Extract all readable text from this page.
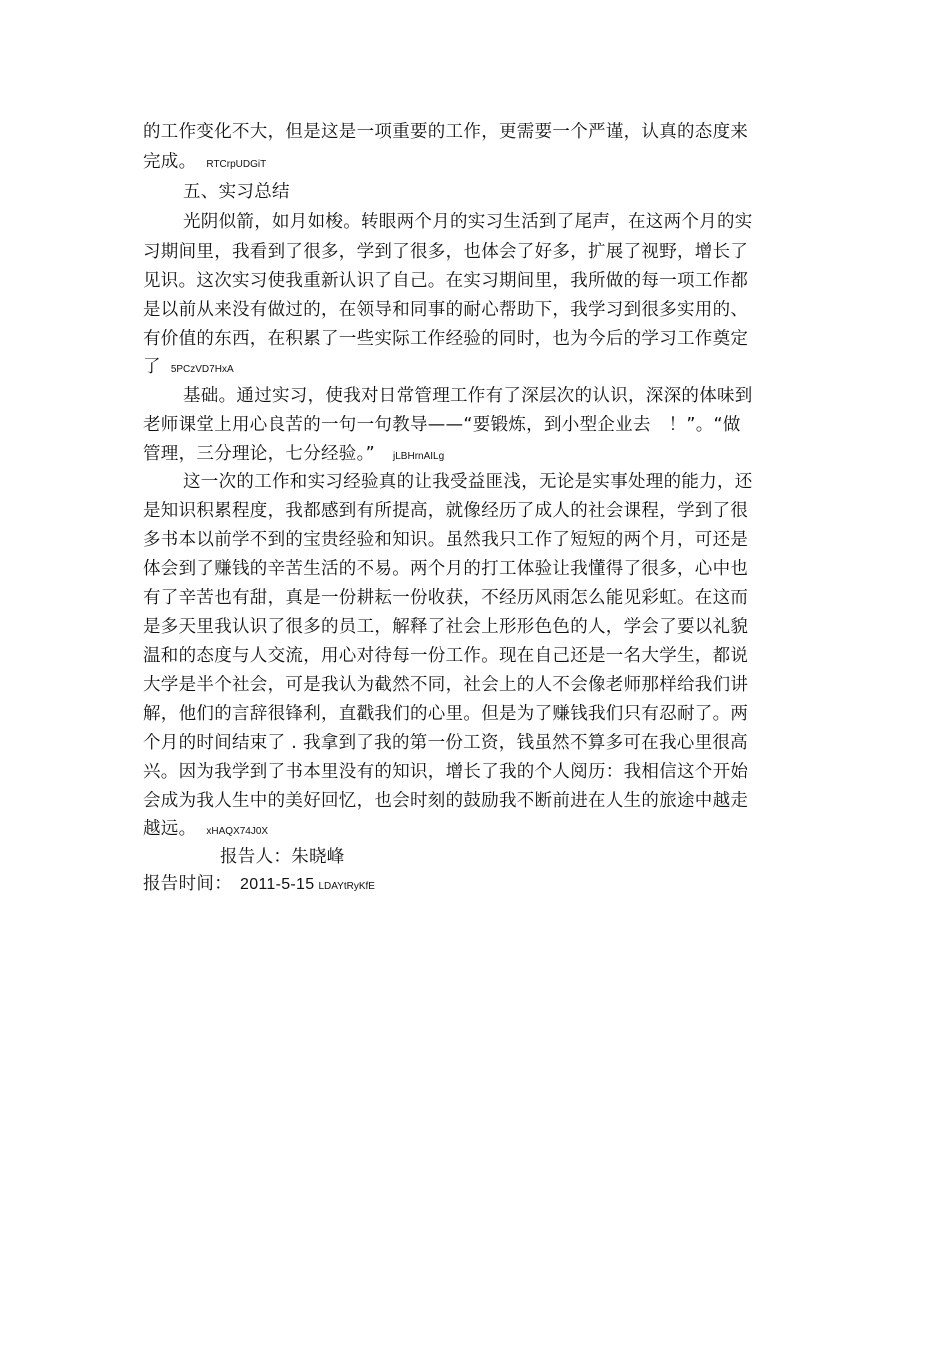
的工作变化不大，但是这是一项重要的工作，更需要一个严谨，认真的态度来
完成。 RTCrpUDGiT
五、实习总结
光阴似箭，如月如梭。转眼两个月的实习生活到了尾声，在这两个月的实
习期间里，我看到了很多，学到了很多，也体会了好多，扩展了视野，增长了
见识。这次实习使我重新认识了自己。在实习期间里，我所做的每一项工作都
是以前从来没有做过的，在领导和同事的耐心帮助下，我学习到很多实用的、
有价值的东西，在积累了一些实际工作经验的同时，也为今后的学习工作奠定
了 5PCzVD7HxA
基础。通过实习，使我对日常管理工作有了深层次的认识，深深的体味到
老师课堂上用心良苦的一句一句教导——“要锻炼，到小型企业去　！”。“做
管理，三分理论，七分经验。” jLBHrnAILg
这一次的工作和实习经验真的让我受益匪浅，无论是实事处理的能力，还
是知识积累程度，我都感到有所提高，就像经历了成人的社会课程，学到了很
多书本以前学不到的宝贵经验和知识。虽然我只工作了短短的两个月，可还是
体会到了赚钱的辛苦生活的不易。两个月的打工体验让我懂得了很多，心中也
有了辛苦也有甜，真是一份耕耘一份收获，不经历风雨怎么能见彩虹。在这而
是多天里我认识了很多的员工，解释了社会上形形色色的人，学会了要以礼貌
温和的态度与人交流，用心对待每一份工作。现在自己还是一名大学生，都说
大学是半个社会，可是我认为截然不同，社会上的人不会像老师那样给我们讲
解，他们的言辞很锋利，直戳我们的心里。但是为了赚钱我们只有忍耐了。两
个月的时间结束了 . 我拿到了我的第一份工资，钱虽然不算多可在我心里很高
兴。因为我学到了书本里没有的知识，增长了我的个人阅历：我相信这个开始
会成为我人生中的美好回忆，也会时刻的鼓励我不断前进在人生的旅途中越走
越远。 xHAQX74J0X
报告人：朱晓峰
报告时间： 2011-5-15 LDAYtRyKfE
